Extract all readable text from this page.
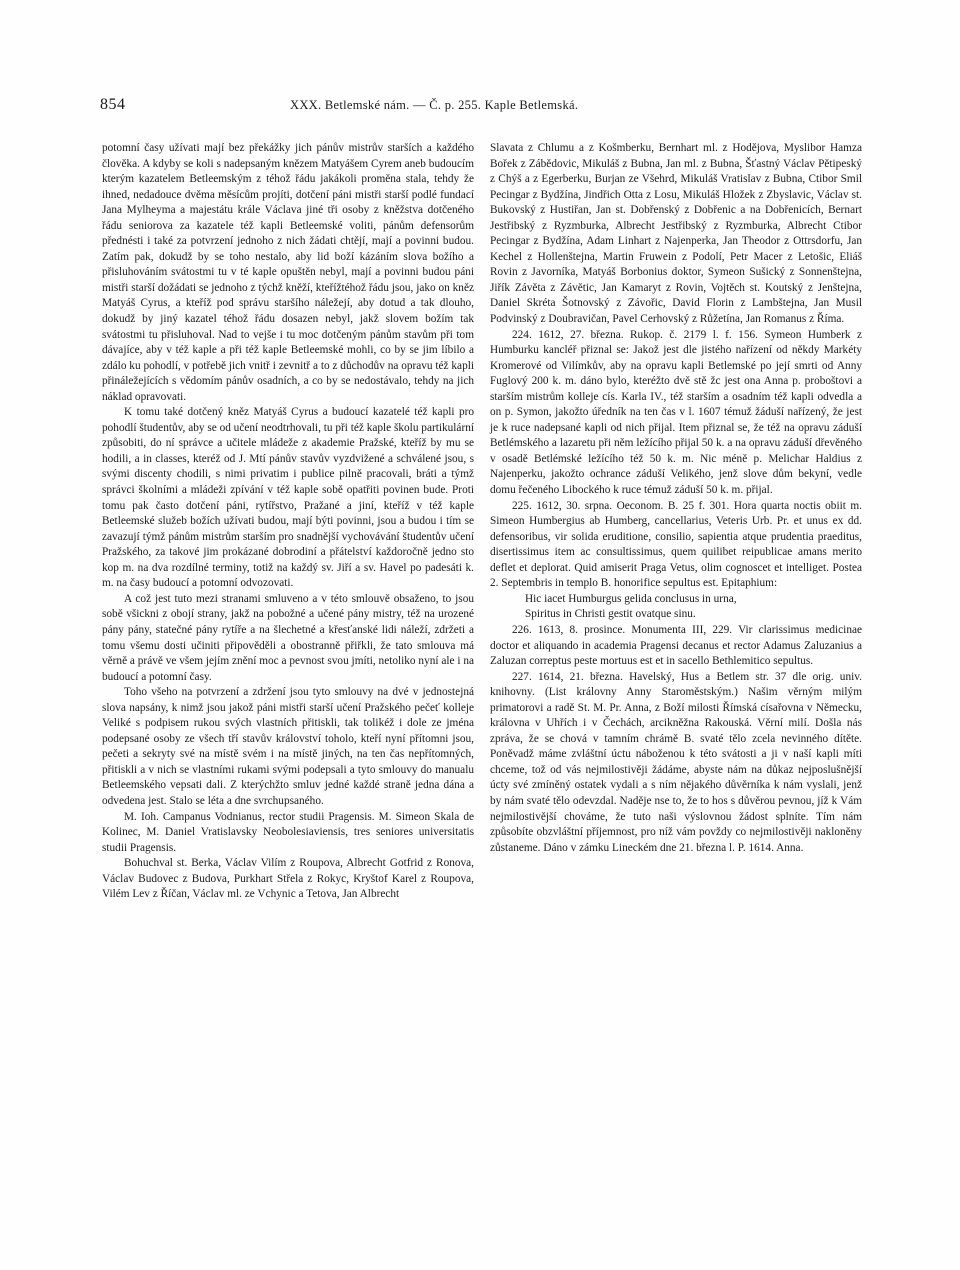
854	XXX. Betlemské nám. — Č. p. 255. Kaple Betlemská.

potomní časy užívati mají bez překážky jich pánův mistrův starších a každého člověka. A kdyby se koli s nadepsaným knězem Matyášem Cyrem aneb budoucím kterým kazatelem Betleemským z téhož řádu jakákoli proměna stala, tehdy že ihned, nedadouce dvěma měsícům projíti, dotčení páni mistři starší podlé fundací Jana Mylheyma a majestátu krále Václava jiné tři osoby z kněžstva dotčeného řádu seniorova za kazatele též kapli Betleemské voliti, pánům defensorům přednésti i také za potvrzení jednoho z nich žádati chtějí, mají a povinni budou. Zatím pak, dokudž by se toho nestalo, aby lid boží kázáním slova božího a přisluhováním svátostmi tu v té kaple opuštěn nebyl, mají a povinni budou páni mistři starší dožádati se jednoho z týchž kněží, kteřížtéhož řádu jsou, jako on kněz Matyáš Cyrus, a kteříž pod správu staršího náležejí, aby dotud a tak dlouho, dokudž by jiný kazatel téhož řádu dosazen nebyl, jakž slovem božím tak svátostmi tu přisluhoval. Nad to vejše i tu moc dotčeným pánům stavům při tom dávajíce, aby v též kaple a při též kaple Betleemské mohli, co by se jim líbilo a zdálo ku pohodlí, v potřebě jich vnitř i zevnitř a to z důchodův na opravu též kapli přináležejících s vědomím pánův osadních, a co by se nedostávalo, tehdy na jich náklad opravovati.

K tomu také dotčený kněz Matyáš Cyrus a budoucí kazatelé též kapli pro pohodlí študentův, aby se od učení neodtrhovali, tu při též kaple školu partikulární způsobiti, do ní správce a učitele mládeže z akademie Pražské, kteříž by mu se hodili, a in classes, kteréž od J. Mtí pánův stavův vyzdvižené a schválené jsou, s svými discenty chodili, s nimi privatim i publice pilně pracovali, bráti a týmž správci školními a mládeži zpívání v též kaple sobě opatřiti povinen bude. Proti tomu pak často dotčení páni, rytířstvo, Pražané a jiní, kteříž v též kaple Betleemské služeb božích užívati budou, mají býti povinni, jsou a budou i tím se zavazují týmž pánům mistrům starším pro snadnější vychovávání študentův učení Pražského, za takové jim prokázané dobrodiní a přátelství každoročně jedno sto kop m. na dva rozdílné terminy, totiž na každý sv. Jiří a sv. Havel po padesáti k. m. na časy budoucí a potomní odvozovati.

A což jest tuto mezi stranami smluveno a v této smlouvě obsaženo, to jsou sobě všickni z obojí strany, jakž na pobožné a učené pány mistry, též na urozené pány pány, statečné pány rytíře a na šlechetné a křesťanské lidi náleží, zdržeti a tomu všemu dosti učiniti připověděli a obostranně přiřkli, že tato smlouva má věrně a právě ve všem jejím znění moc a pevnost svou jmíti, netoliko nyní ale i na budoucí a potomní časy.

Toho všeho na potvrzení a zdržení jsou tyto smlouvy na dvé v jednostejná slova napsány, k nimž jsou jakož páni mistři starší učení Pražského pečeť kolleje Veliké s podpisem rukou svých vlastních přitiskli, tak tolikéž i dole ze jména podepsané osoby ze všech tří stavův království toholo, kteří nyní přítomni jsou, pečeti a sekryty své na místě svém i na místě jiných, na ten čas nepřítomných, přitiskli a v nich se vlastními rukami svými podepsali a tyto smlouvy do manualu Betleemského vepsati dali. Z kterýchžto smluv jedné každé straně jedna dána a odvedena jest. Stalo se léta a dne svrchupsaného.

M. Ioh. Campanus Vodnianus, rector studii Pragensis. M. Simeon Skala de Kolinec, M. Daniel Vratislavsky Neobolesiaviensis, tres seniores universitatis studii Pragensis.

Bohuchval st. Berka, Václav Vilím z Roupova, Albrecht Gotfrid z Ronova, Václav Budovec z Budova, Purkhart Střela z Rokyc, Kryštof Karel z Roupova, Vilém Lev z Říčan, Václav ml. ze Vchynic a Tetova, Jan Albrecht

Slavata z Chlumu a z Košmberku, Bernhart ml. z Hodějova, Myslibor Hamza Bořek z Zábědovic, Mikuláš z Bubna, Jan ml. z Bubna, Šťastný Václav Pětipeský z Chýš a z Egerberku, Burjan ze Všehrd, Mikuláš Vratislav z Bubna, Ctibor Smil Pecingar z Bydžína, Jindřich Otta z Losu, Mikuláš Hložek z Zbyslavic, Václav st. Bukovský z Hustiřan, Jan st. Dobřenský z Dobřenic a na Dobřenicích, Bernart Jestřibský z Ryzmburka, Albrecht Jestřibský z Ryzmburka, Albrecht Ctibor Pecingar z Bydžína, Adam Linhart z Najenperka, Jan Theodor z Ottrsdorfu, Jan Kechel z Hollenštejna, Martin Fruwein z Podolí, Petr Macer z Letošic, Eliáš Rovin z Javorníka, Matyáš Borbonius doktor, Symeon Sušický z Sonnenštejna, Jiřík Závěta z Závětic, Jan Kamaryt z Rovin, Vojtěch st. Koutský z Jenštejna, Daniel Skréta Šotnovský z Závořic, David Florin z Lambštejna, Jan Musil Podvinský z Doubravičan, Pavel Cerhovský z Růžetína, Jan Romanus z Říma.

224. 1612, 27. března. Rukop. č. 2179 l. f. 156. Symeon Humberk z Humburku kancléř přiznal se: Jakož jest dle jistého nařízení od někdy Markéty Kromerové od Vilímkův, aby na opravu kapli Betlemské po její smrti od Anny Fuglový 200 k. m. dáno bylo, kteréžto dvě stě žc jest ona Anna p. proboštovi a starším mistrům kolleje cís. Karla IV., též starším a osadním též kapli odvedla a on p. Symon, jakožto úředník na ten čas v l. 1607 témuž žáduší nařízený, že jest je k ruce nadepsané kapli od nich přijal. Item přiznal se, že též na opravu záduší Betlémského a lazaretu při něm ležícího přijal 50 k. a na opravu záduší dřevěného v osadě Betlémské ležícího též 50 k. m. Nic méně p. Melichar Haldius z Najenperku, jakožto ochrance záduší Velikého, jenž slove dům bekyní, vedle domu řečeného Libockého k ruce témuž záduší 50 k. m. přijal.

225. 1612, 30. srpna. Oeconom. B. 25 f. 301. Hora quarta noctis obiit m. Simeon Humbergius ab Humberg, cancellarius, Veteris Urb. Pr. et unus ex dd. defensoribus, vir solida eruditione, consilio, sapientia atque prudentia praeditus, disertissimus item ac consultissimus, quem quilibet reipublicae amans merito deflet et deplorat. Quid amiserit Praga Vetus, olim cognoscet et intelliget. Postea 2. Septembris in templo B. honorifice sepultus est. Epitaphium:

Hic iacet Humburgus gelida conclusus in urna,

Spiritus in Christi gestit ovatque sinu.

226. 1613, 8. prosince. Monumenta III, 229. Vir clarissimus medicinae doctor et aliquando in academia Pragensi decanus et rector Adamus Zaluzanius a Zaluzan correptus peste mortuus est et in sacello Bethlemitico sepultus.

227. 1614, 21. března. Havelský, Hus a Betlem str. 37 dle orig. univ. knihovny. (List královny Anny Staroměstským.) Našim věrným milým primatorovi a radě St. M. Pr. Anna, z Boží milosti Římská císařovna v Německu, královna v Uhřích i v Čechách, arcikněžna Rakouská. Věrní milí. Došla nás zpráva, že se chová v tamním chrámě B. svaté tělo zcela nevinného dítěte. Poněvadž máme zvláštní úctu náboženou k této svátosti a ji v naší kapli míti chceme, tož od vás nejmilostivěji žádáme, abyste nám na důkaz nejposlušnější úcty své zmíněný ostatek vydali a s ním nějakého důvěrníka k nám vyslali, jenž by nám svaté tělo odevzdal. Naděje nse to, že to hos s důvěrou pevnou, jíž k Vám nejmilostivější chováme, že tuto naši výslovnou žádost splníte. Tím nám způsobíte obzvláštní příjemnost, pro níž vám povždy co nejmilostivěji nakloněny zůstaneme. Dáno v zámku Lineckém dne 21. března l. P. 1614. Anna.
